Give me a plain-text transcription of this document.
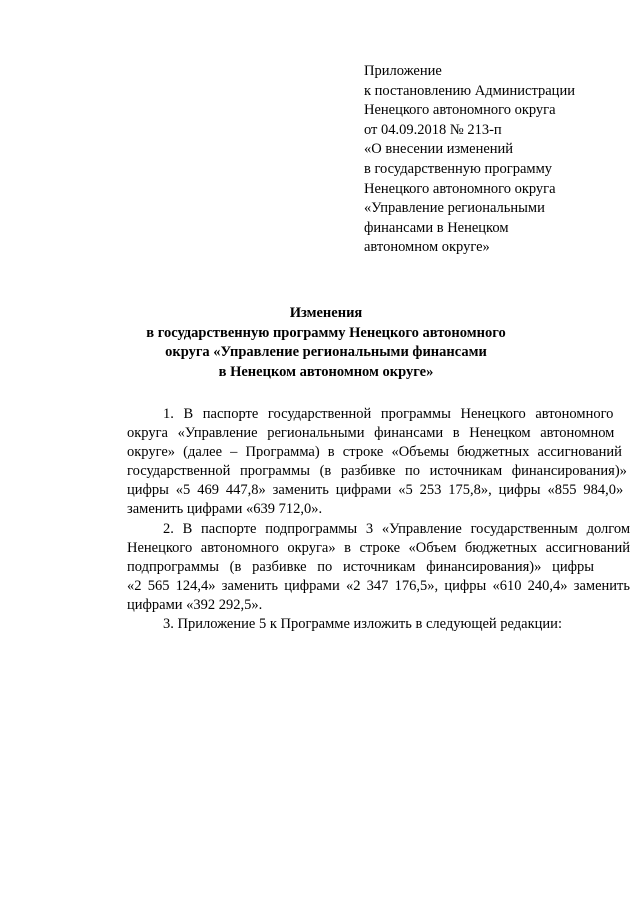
Приложение
к постановлению Администрации
Ненецкого автономного округа
от 04.09.2018 № 213-п
«О внесении изменений
в государственную программу
Ненецкого автономного округа
«Управление региональными
финансами в Ненецком
автономном округе»
Изменения
в государственную программу Ненецкого автономного
округа «Управление региональными финансами
в Ненецком автономном округе»
1. В паспорте государственной программы Ненецкого автономного
округа «Управление региональными финансами в Ненецком автономном
округе» (далее – Программа) в строке «Объемы бюджетных ассигнований
государственной программы (в разбивке по источникам финансирования)»
цифры «5 469 447,8» заменить цифрами «5 253 175,8», цифры «855 984,0»
заменить цифрами «639 712,0».
2. В паспорте подпрограммы 3 «Управление государственным долгом
Ненецкого автономного округа» в строке «Объем бюджетных ассигнований
подпрограммы (в разбивке по источникам финансирования)» цифры
«2 565 124,4» заменить цифрами «2 347 176,5», цифры «610 240,4» заменить
цифрами «392 292,5».
3. Приложение 5 к Программе изложить в следующей редакции:
